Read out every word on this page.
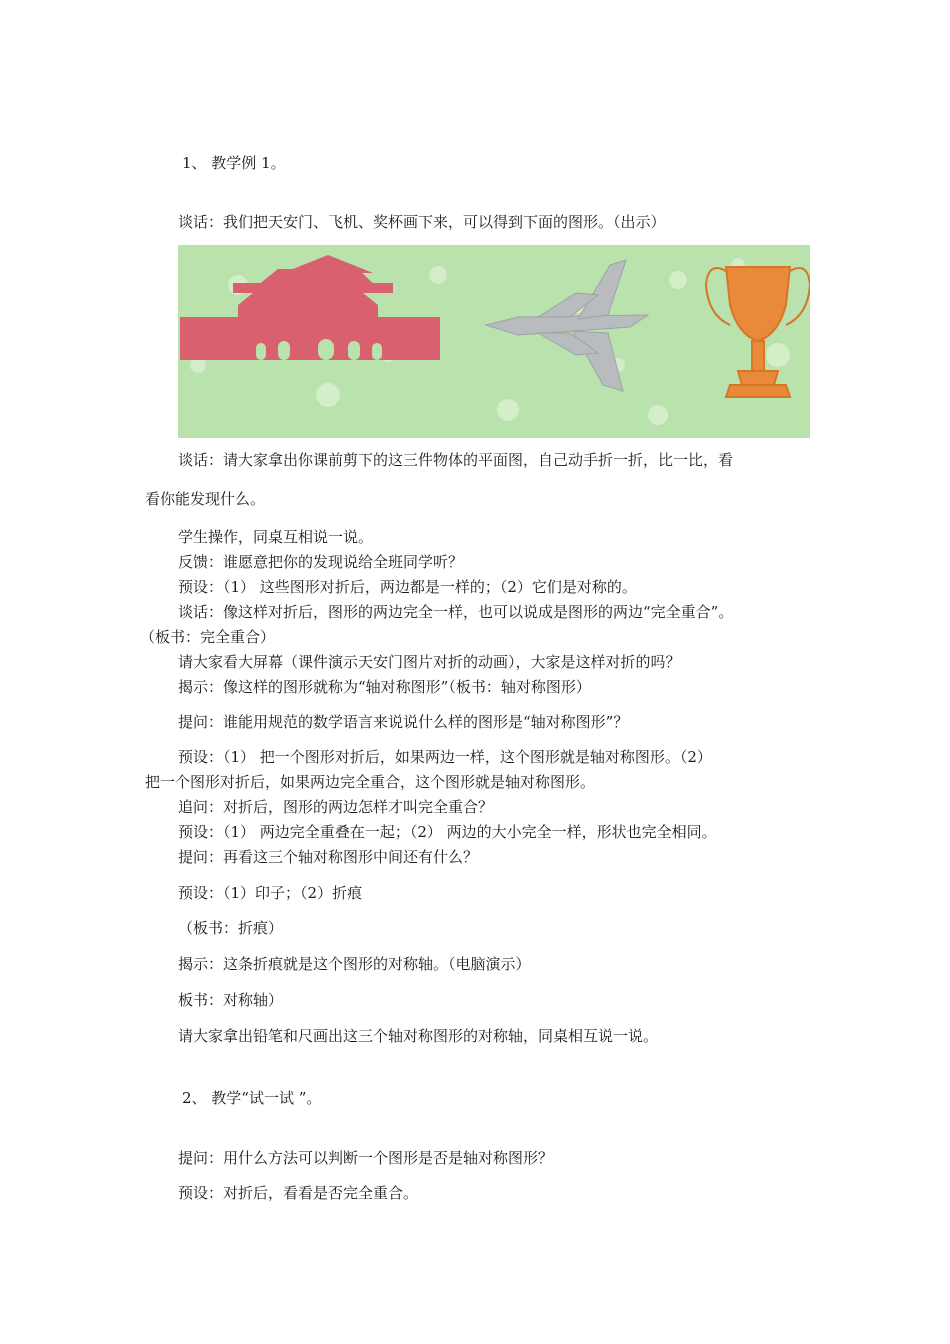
1、 教学例 1。
谈话：我们把天安门、飞机、奖杯画下来，可以得到下面的图形。（出示）
谈话：请大家拿出你课前剪下的这三件物体的平面图，自己动手折一折，比一比，看
看你能发现什么。
学生操作，同桌互相说一说。
反馈：谁愿意把你的发现说给全班同学听？
预设：（1） 这些图形对折后，两边都是一样的；（2）它们是对称的。
谈话：像这样对折后，图形的两边完全一样，也可以说成是图形的两边“完全重合”。
（板书：完全重合）
请大家看大屏幕（课件演示天安门图片对折的动画），大家是这样对折的吗？
揭示：像这样的图形就称为“轴对称图形”（板书：轴对称图形）
提问：谁能用规范的数学语言来说说什么样的图形是“轴对称图形”？
预设：（1） 把一个图形对折后，如果两边一样，这个图形就是轴对称图形。（2）
把一个图形对折后，如果两边完全重合，这个图形就是轴对称图形。
追问：对折后，图形的两边怎样才叫完全重合？
预设：（1） 两边完全重叠在一起；（2） 两边的大小完全一样，形状也完全相同。
提问：再看这三个轴对称图形中间还有什么？
预设：（1）印子；（2）折痕
（板书：折痕）
揭示：这条折痕就是这个图形的对称轴。（电脑演示）
板书：对称轴）
请大家拿出铅笔和尺画出这三个轴对称图形的对称轴，同桌相互说一说。
2、 教学“试一试 ”。
提问：用什么方法可以判断一个图形是否是轴对称图形？
预设：对折后，看看是否完全重合。
